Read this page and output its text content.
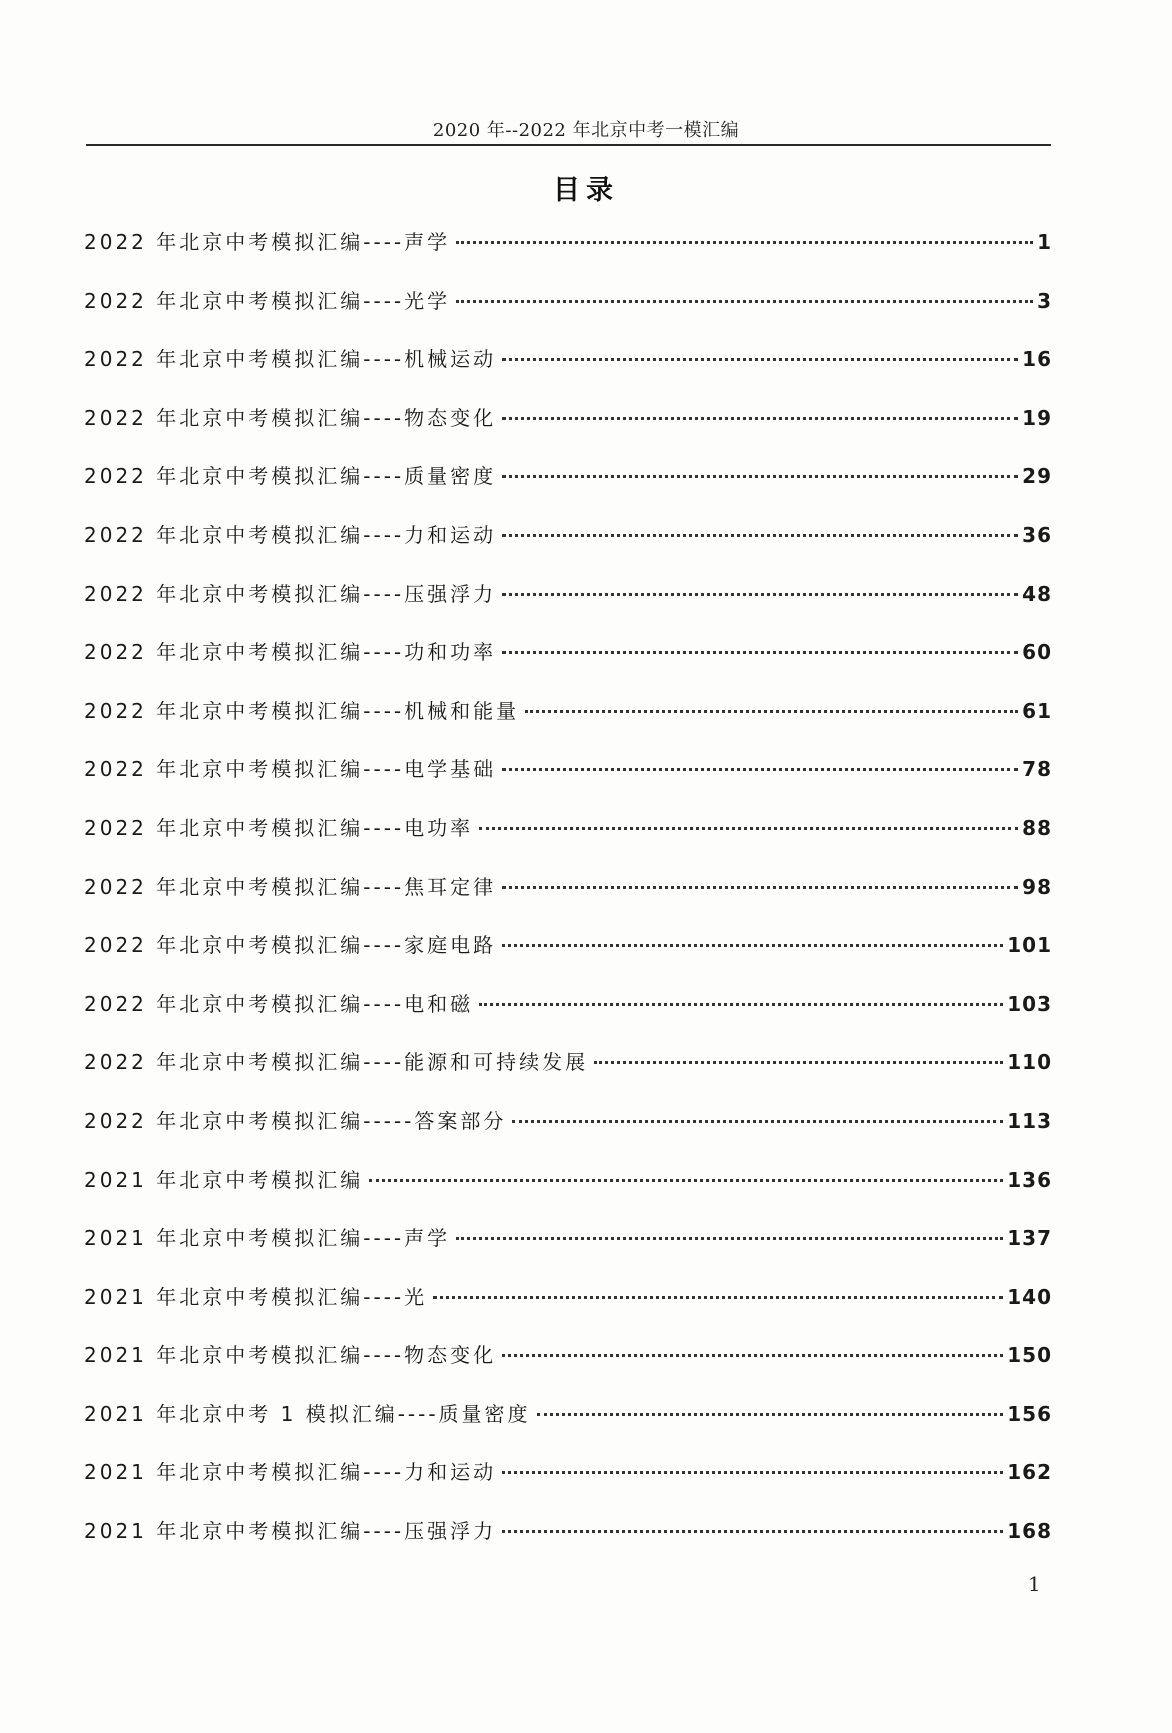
2020 年--2022 年北京中考一模汇编
目录
2022 年北京中考模拟汇编----声学	1
2022 年北京中考模拟汇编----光学	3
2022 年北京中考模拟汇编----机械运动	16
2022 年北京中考模拟汇编----物态变化	19
2022 年北京中考模拟汇编----质量密度	29
2022 年北京中考模拟汇编----力和运动	36
2022 年北京中考模拟汇编----压强浮力	48
2022 年北京中考模拟汇编----功和功率	60
2022 年北京中考模拟汇编----机械和能量	61
2022 年北京中考模拟汇编----电学基础	78
2022 年北京中考模拟汇编----电功率	88
2022 年北京中考模拟汇编----焦耳定律	98
2022 年北京中考模拟汇编----家庭电路	101
2022 年北京中考模拟汇编----电和磁	103
2022 年北京中考模拟汇编----能源和可持续发展	110
2022 年北京中考模拟汇编-----答案部分	113
2021 年北京中考模拟汇编	136
2021 年北京中考模拟汇编----声学	137
2021 年北京中考模拟汇编----光	140
2021 年北京中考模拟汇编----物态变化	150
2021 年北京中考 1 模拟汇编----质量密度	156
2021 年北京中考模拟汇编----力和运动	162
2021 年北京中考模拟汇编----压强浮力	168
1
